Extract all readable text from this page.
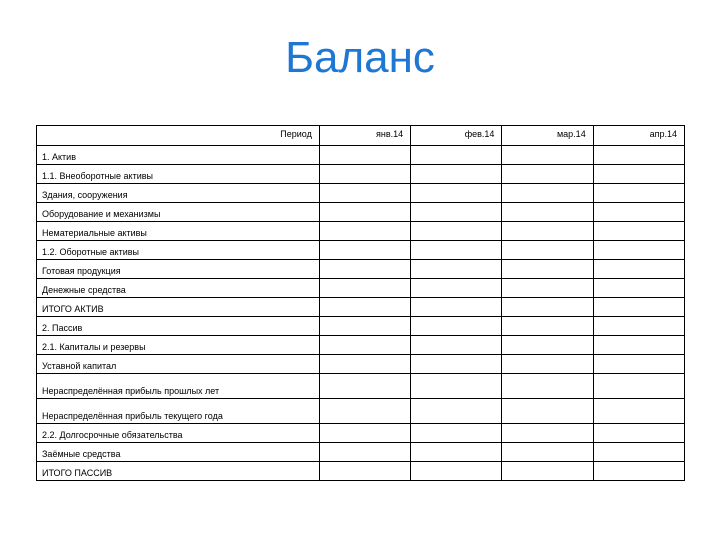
Баланс
Период	янв.14	фев.14	мар.14	апр.14
1. Актив				
1.1. Внеоборотные активы				
Здания, сооружения				
Оборудование и механизмы				
Нематериальные активы				
1.2. Оборотные активы				
Готовая продукция				
Денежные средства				
ИТОГО АКТИВ				
2. Пассив				
2.1. Капиталы и резервы				
Уставной капитал				
Нераспределённая прибыль прошлых лет				
Нераспределённая прибыль текущего года				
2.2. Долгосрочные обязательства				
Заёмные средства				
ИТОГО ПАССИВ				
